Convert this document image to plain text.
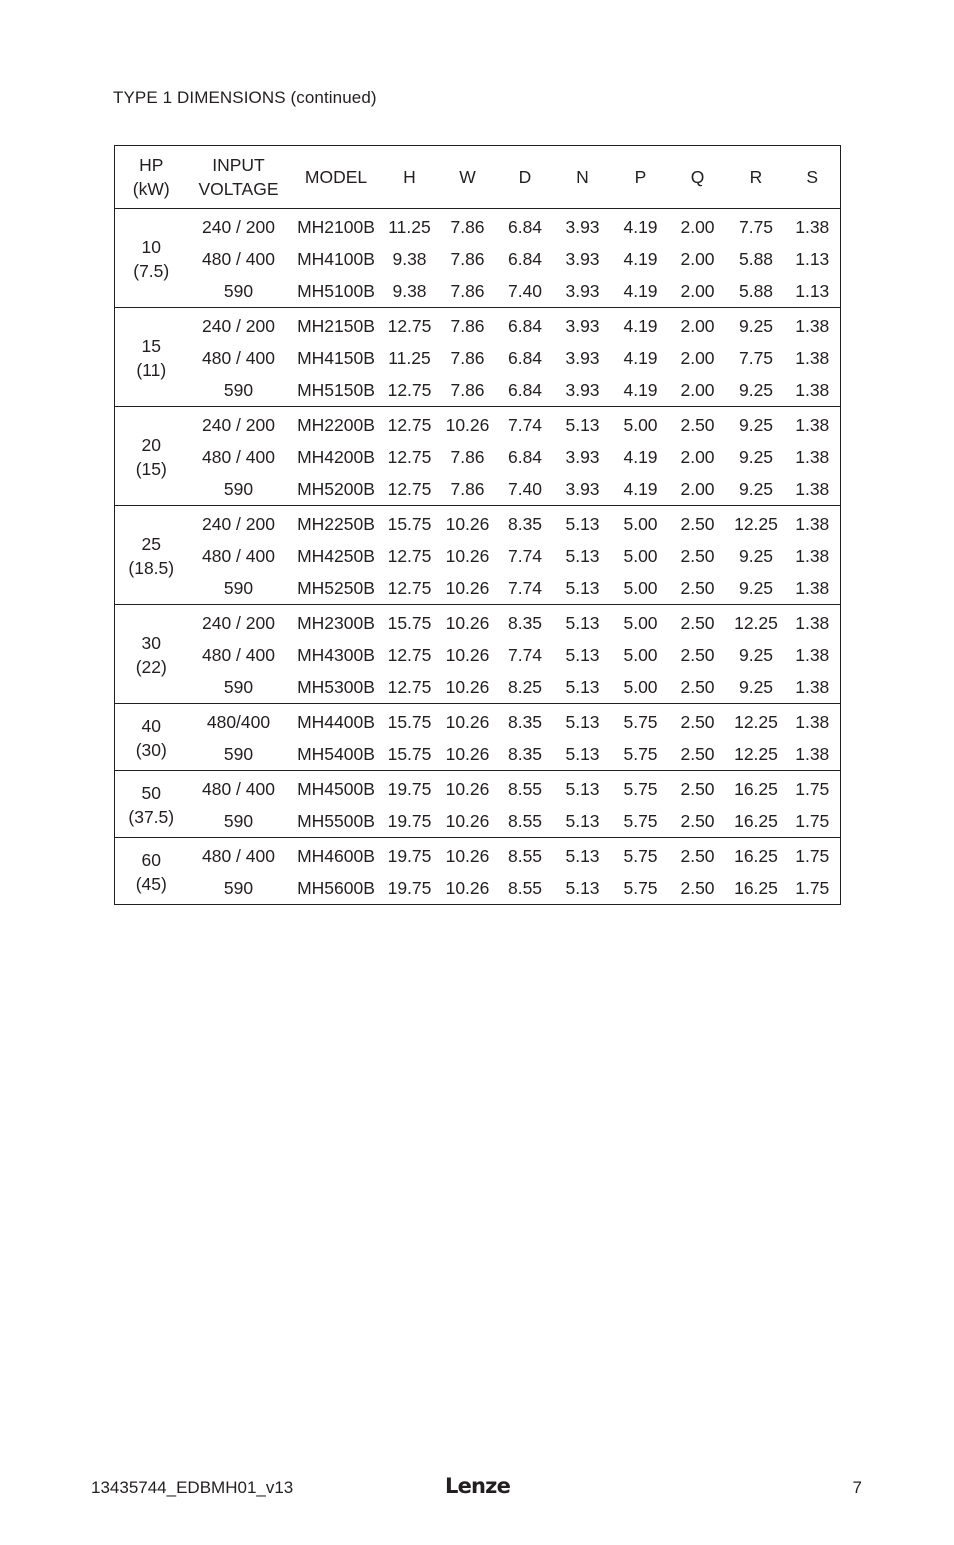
TYPE 1 DIMENSIONS (continued)
HP
(kW)	INPUT
VOLTAGE	MODEL	H	W	D	N	P	Q	R	S

10
(7.5)	240 / 200	MH2100B	11.25	7.86	6.84	3.93	4.19	2.00	7.75	1.38
	480 / 400	MH4100B	9.38	7.86	6.84	3.93	4.19	2.00	5.88	1.13
	590	MH5100B	9.38	7.86	7.40	3.93	4.19	2.00	5.88	1.13

15
(11)	240 / 200	MH2150B	12.75	7.86	6.84	3.93	4.19	2.00	9.25	1.38
	480 / 400	MH4150B	11.25	7.86	6.84	3.93	4.19	2.00	7.75	1.38
	590	MH5150B	12.75	7.86	6.84	3.93	4.19	2.00	9.25	1.38

20
(15)	240 / 200	MH2200B	12.75	10.26	7.74	5.13	5.00	2.50	9.25	1.38
	480 / 400	MH4200B	12.75	7.86	6.84	3.93	4.19	2.00	9.25	1.38
	590	MH5200B	12.75	7.86	7.40	3.93	4.19	2.00	9.25	1.38

25
(18.5)	240 / 200	MH2250B	15.75	10.26	8.35	5.13	5.00	2.50	12.25	1.38
	480 / 400	MH4250B	12.75	10.26	7.74	5.13	5.00	2.50	9.25	1.38
	590	MH5250B	12.75	10.26	7.74	5.13	5.00	2.50	9.25	1.38

30
(22)	240 / 200	MH2300B	15.75	10.26	8.35	5.13	5.00	2.50	12.25	1.38
	480 / 400	MH4300B	12.75	10.26	7.74	5.13	5.00	2.50	9.25	1.38
	590	MH5300B	12.75	10.26	8.25	5.13	5.00	2.50	9.25	1.38

40
(30)	480/400	MH4400B	15.75	10.26	8.35	5.13	5.75	2.50	12.25	1.38
	590	MH5400B	15.75	10.26	8.35	5.13	5.75	2.50	12.25	1.38

50
(37.5)	480 / 400	MH4500B	19.75	10.26	8.55	5.13	5.75	2.50	16.25	1.75
	590	MH5500B	19.75	10.26	8.55	5.13	5.75	2.50	16.25	1.75

60
(45)	480 / 400	MH4600B	19.75	10.26	8.55	5.13	5.75	2.50	16.25	1.75
	590	MH5600B	19.75	10.26	8.55	5.13	5.75	2.50	16.25	1.75
13435744_EDBMH01_v13	Lenze	7
